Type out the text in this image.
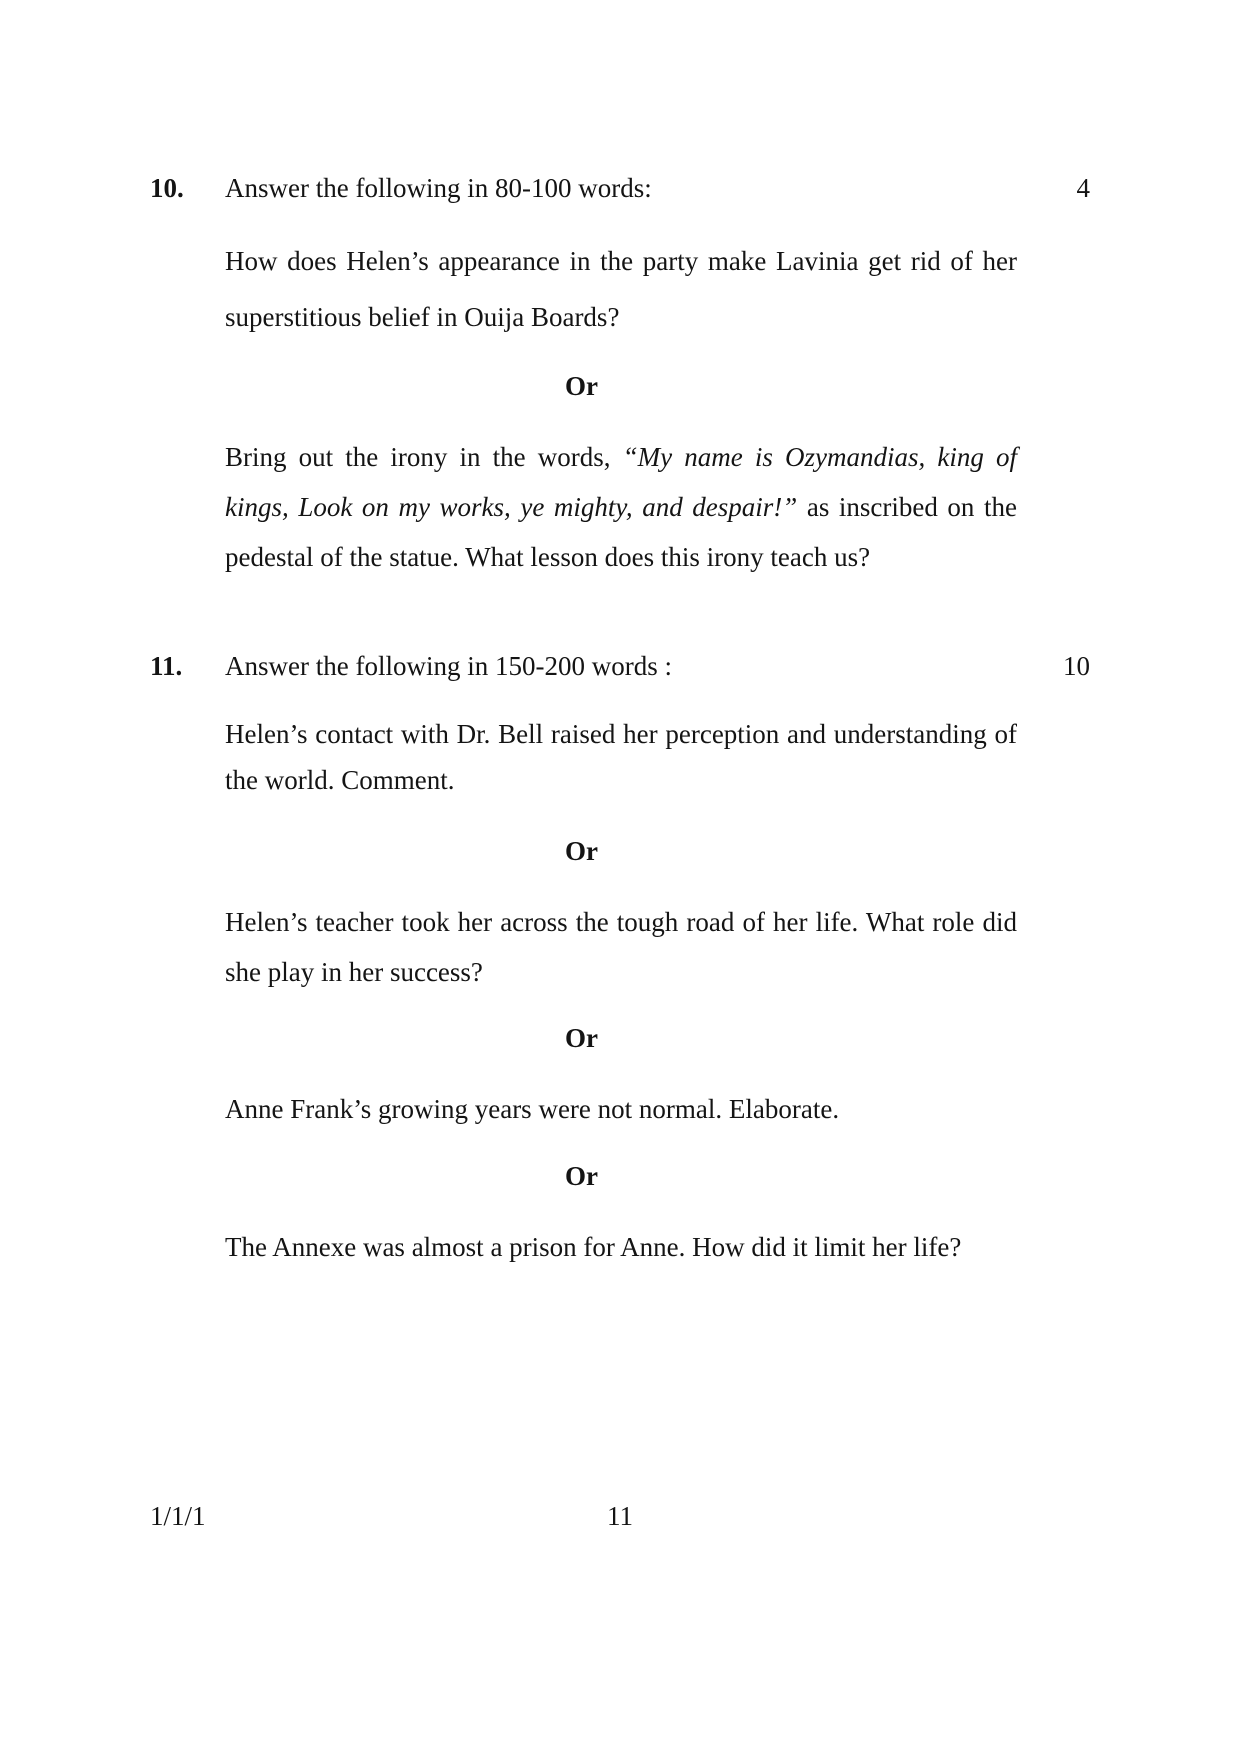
10. Answer the following in 80-100 words:	4

How does Helen’s appearance in the party make Lavinia get rid of her superstitious belief in Ouija Boards?

Or

Bring out the irony in the words, “My name is Ozymandias, king of kings, Look on my works, ye mighty, and despair!” as inscribed on the pedestal of the statue. What lesson does this irony teach us?

11. Answer the following in 150-200 words :	10

Helen’s contact with Dr. Bell raised her perception and understanding of the world. Comment.

Or

Helen’s teacher took her across the tough road of her life. What role did she play in her success?

Or

Anne Frank’s growing years were not normal. Elaborate.

Or

The Annexe was almost a prison for Anne. How did it limit her life?

1/1/1	11
